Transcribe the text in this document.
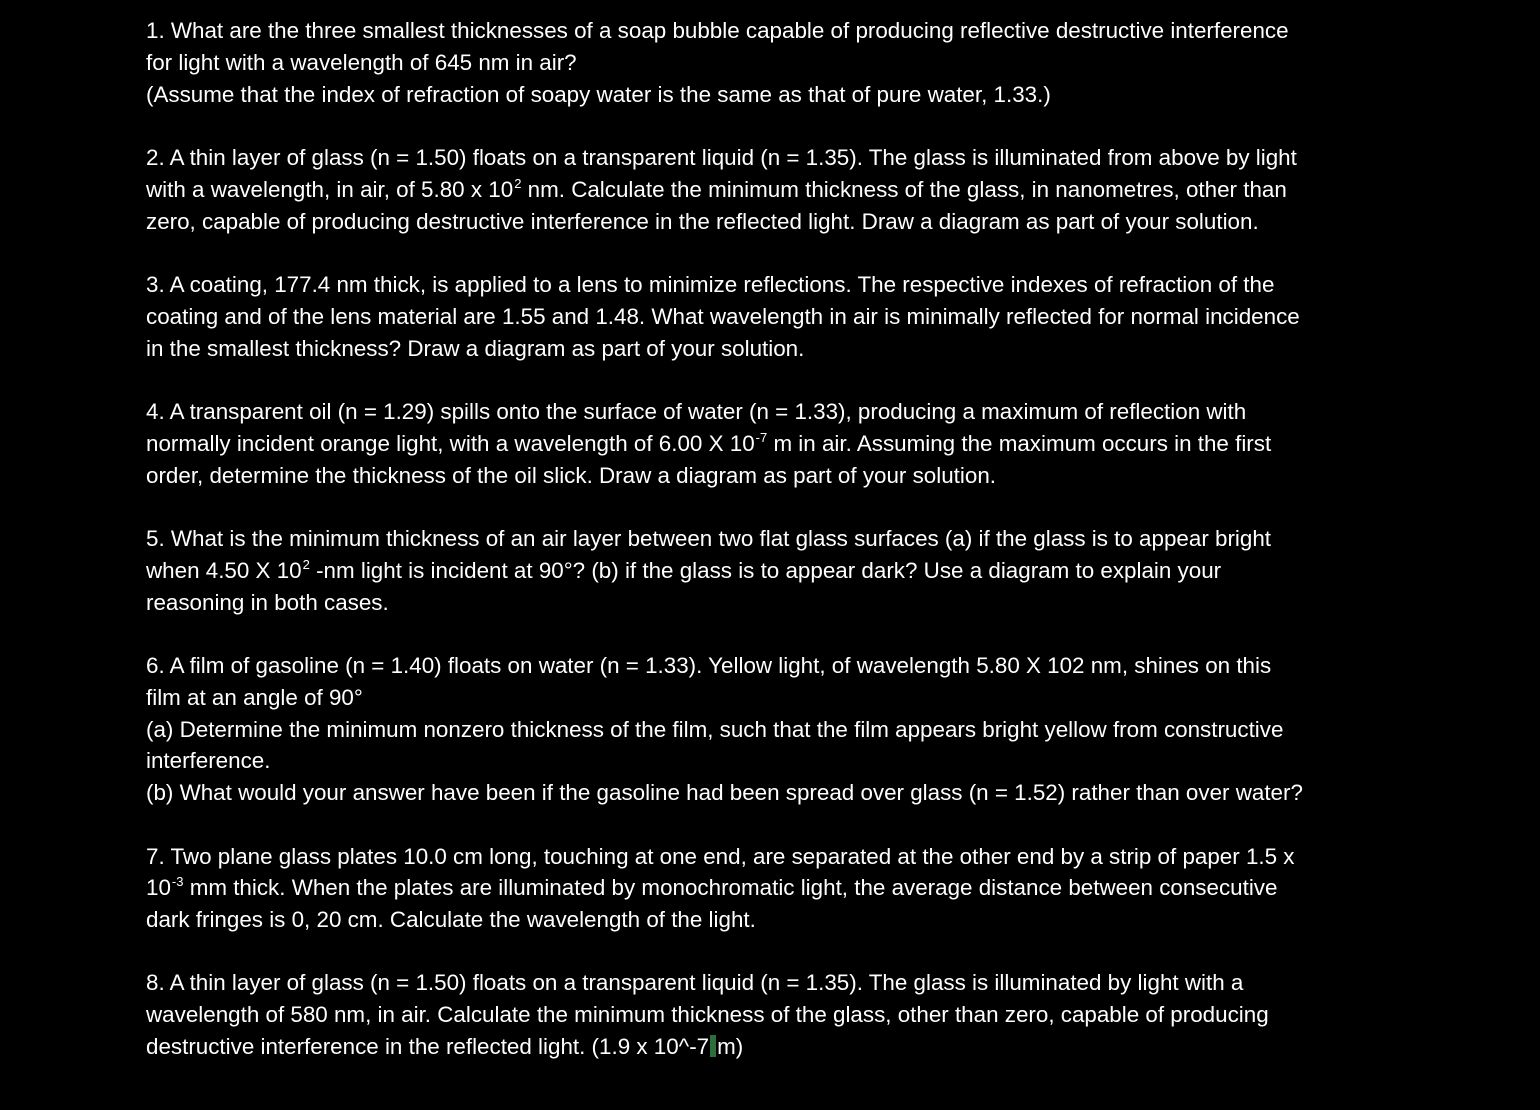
1. What are the three smallest thicknesses of a soap bubble capable of producing reflective destructive interference
for light with a wavelength of 645 nm in air?
(Assume that the index of refraction of soapy water is the same as that of pure water, 1.33.)
2. A thin layer of glass (n = 1.50) floats on a transparent liquid (n = 1.35). The glass is illuminated from above by light
with a wavelength, in air, of 5.80 x $10^2$ nm. Calculate the minimum thickness of the glass, in nanometres, other than
zero, capable of producing destructive interference in the reflected light. Draw a diagram as part of your solution.
3. A coating, 177.4 nm thick, is applied to a lens to minimize reflections. The respective indexes of refraction of the
coating and of the lens material are 1.55 and 1.48. What wavelength in air is minimally reflected for normal incidence
in the smallest thickness? Draw a diagram as part of your solution.
4. A transparent oil (n = 1.29) spills onto the surface of water (n = 1.33), producing a maximum of reflection with
normally incident orange light, with a wavelength of 6.00 X $10^{-7}$ m in air. Assuming the maximum occurs in the first
order, determine the thickness of the oil slick. Draw a diagram as part of your solution.
5. What is the minimum thickness of an air layer between two flat glass surfaces (a) if the glass is to appear bright
when 4.50 X $10^2$ -nm light is incident at 90°? (b) if the glass is to appear dark? Use a diagram to explain your
reasoning in both cases.
6. A film of gasoline (n = 1.40) floats on water (n = 1.33). Yellow light, of wavelength 5.80 X 102 nm, shines on this
film at an angle of 90°
(a) Determine the minimum nonzero thickness of the film, such that the film appears bright yellow from constructive
interference.
(b) What would your answer have been if the gasoline had been spread over glass (n = 1.52) rather than over water?
7. Two plane glass plates 10.0 cm long, touching at one end, are separated at the other end by a strip of paper 1.5 x
$10^{-3}$ mm thick. When the plates are illuminated by monochromatic light, the average distance between consecutive
dark fringes is 0, 20 cm. Calculate the wavelength of the light.
8. A thin layer of glass (n = 1.50) floats on a transparent liquid (n = 1.35). The glass is illuminated by light with a
wavelength of 580 nm, in air. Calculate the minimum thickness of the glass, other than zero, capable of producing
destructive interference in the reflected light. (1.9 x 10^-7 m)
